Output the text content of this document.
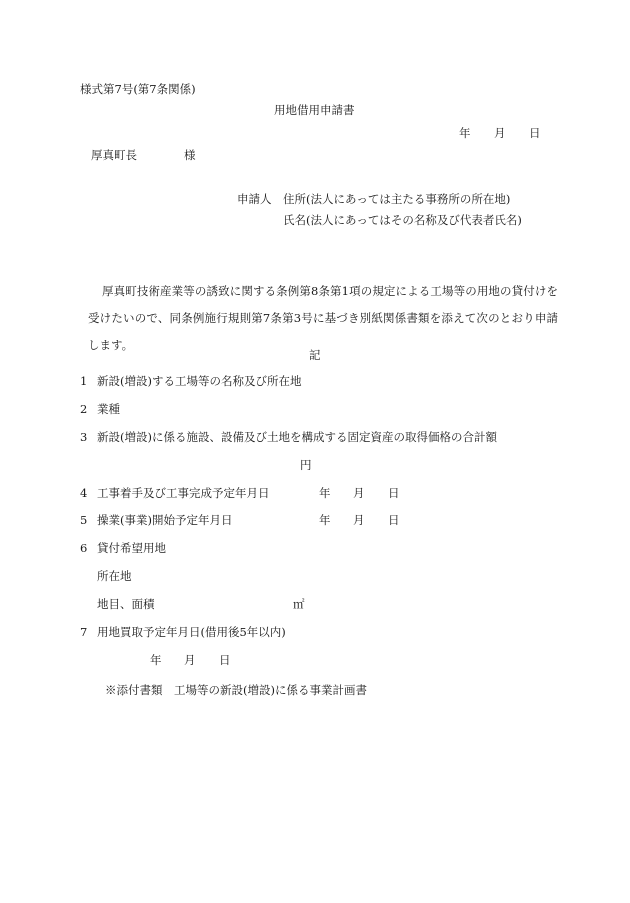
様式第7号(第7条関係)
用地借用申請書
年 月 日
厚真町長	様
申請人 住所(法人にあっては主たる事務所の所在地)
氏名(法人にあってはその名称及び代表者氏名)
厚真町技術産業等の誘致に関する条例第8条第1項の規定による工場等の用地の貸付けを受けたいので、同条例施行規則第7条第3号に基づき別紙関係書類を添えて次のとおり申請します。
記
1 新設(増設)する工場等の名称及び所在地
2 業種
3 新設(増設)に係る施設、設備及び土地を構成する固定資産の取得価格の合計額
円
4 工事着手及び工事完成予定年月日	年 月 日
5 操業(事業)開始予定年月日	年 月 日
6 貸付希望用地
所在地
地目、面積	㎡
7 用地買取予定年月日(借用後5年以内)
年 月 日
※添付書類　工場等の新設(増設)に係る事業計画書
